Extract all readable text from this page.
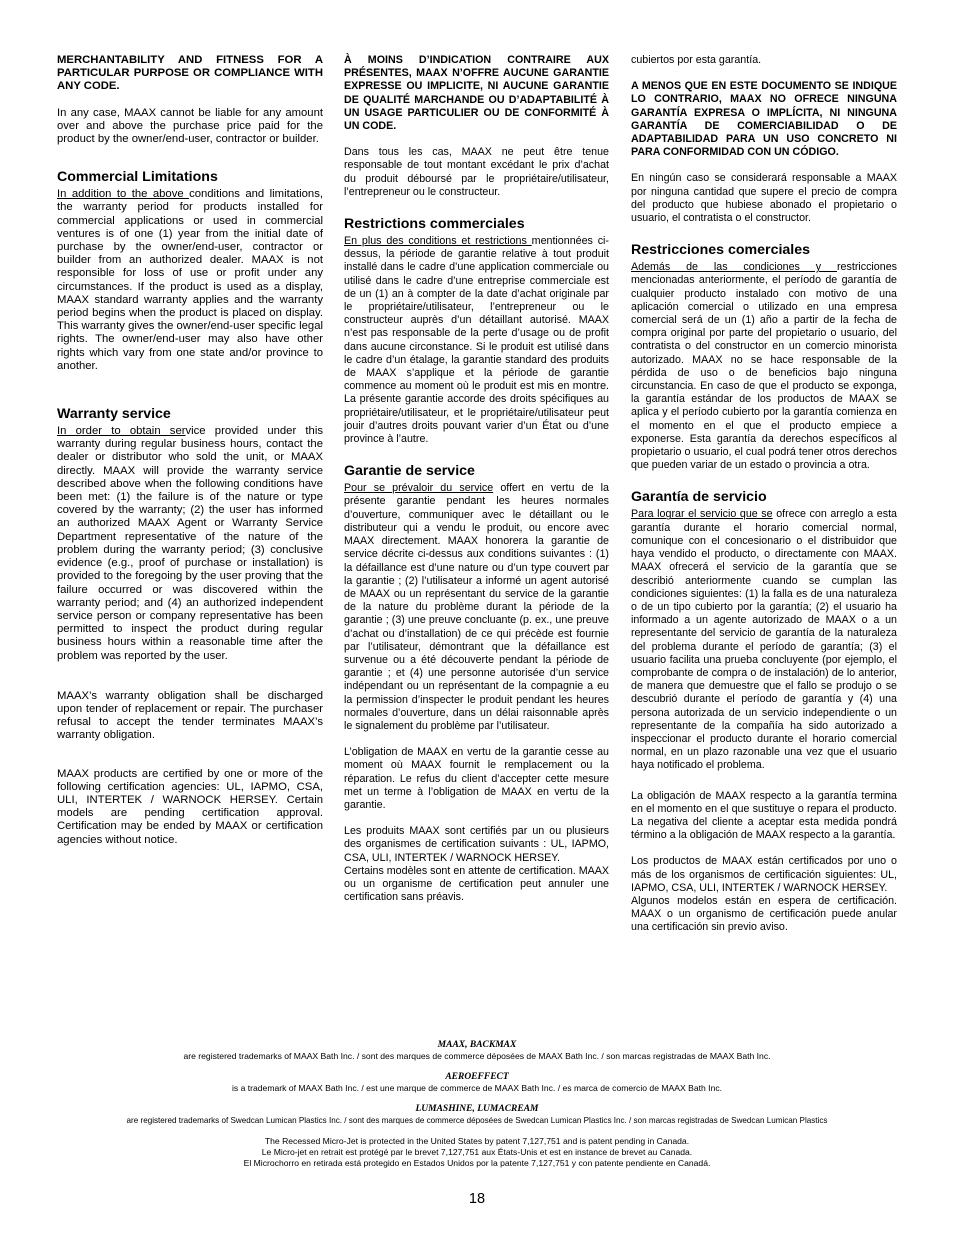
MERCHANTABILITY AND FITNESS FOR A PARTICULAR PURPOSE OR COMPLIANCE WITH ANY CODE.

In any case, MAAX cannot be liable for any amount over and above the purchase price paid for the product by the owner/end-user, contractor or builder.

Commercial Limitations

In addition to the above conditions and limitations, the warranty period for products installed for commercial applications or used in commercial ventures is of one (1) year from the initial date of purchase by the owner/end-user, contractor or builder from an authorized dealer. MAAX is not responsible for loss of use or profit under any circumstances. If the product is used as a display, MAAX standard warranty applies and the warranty period begins when the product is placed on display. This warranty gives the owner/end-user specific legal rights. The owner/end-user may also have other rights which vary from one state and/or province to another.

Warranty service

In order to obtain service provided under this warranty during regular business hours, contact the dealer or distributor who sold the unit, or MAAX directly. MAAX will provide the warranty service described above when the following conditions have been met: (1) the failure is of the nature or type covered by the warranty; (2) the user has informed an authorized MAAX Agent or Warranty Service Department representative of the nature of the problem during the warranty period; (3) conclusive evidence (e.g., proof of purchase or installation) is provided to the foregoing by the user proving that the failure occurred or was discovered within the warranty period; and (4) an authorized independent service person or company representative has been permitted to inspect the product during regular business hours within a reasonable time after the problem was reported by the user.

MAAX’s warranty obligation shall be discharged upon tender of replacement or repair. The purchaser refusal to accept the tender terminates MAAX’s warranty obligation.

MAAX products are certified by one or more of the following certification agencies: UL, IAPMO, CSA, ULI, INTERTEK / WARNOCK HERSEY. Certain models are pending certification approval. Certification may be ended by MAAX or certification agencies without notice.

À MOINS D’INDICATION CONTRAIRE AUX PRÉSENTES, MAAX N’OFFRE AUCUNE GARANTIE EXPRESSE OU IMPLICITE, NI AUCUNE GARANTIE DE QUALITÉ MARCHANDE OU D’ADAPTABILITÉ À UN USAGE PARTICULIER OU DE CONFORMITÉ À UN CODE.

Dans tous les cas, MAAX ne peut être tenue responsable de tout montant excédant le prix d’achat du produit déboursé par le propriétaire/utilisateur, l’entrepreneur ou le constructeur.

Restrictions commerciales

En plus des conditions et restrictions mentionnées ci-dessus, la période de garantie relative à tout produit installé dans le cadre d’une application commerciale ou utilisé dans le cadre d’une entreprise commerciale est de un (1) an à compter de la date d’achat originale par le propriétaire/utilisateur, l’entrepreneur ou le constructeur auprès d’un détaillant autorisé. MAAX n’est pas responsable de la perte d’usage ou de profit dans aucune circonstance. Si le produit est utilisé dans le cadre d’un étalage, la garantie standard des produits de MAAX s’applique et la période de garantie commence au moment où le produit est mis en montre. La présente garantie accorde des droits spécifiques au propriétaire/utilisateur, et le propriétaire/utilisateur peut jouir d’autres droits pouvant varier d’un État ou d’une province à l’autre.

Garantie de service

Pour se prévaloir du service offert en vertu de la présente garantie pendant les heures normales d’ouverture, communiquer avec le détaillant ou le distributeur qui a vendu le produit, ou encore avec MAAX directement. MAAX honorera la garantie de service décrite ci-dessus aux conditions suivantes : (1) la défaillance est d’une nature ou d’un type couvert par la garantie ; (2) l’utilisateur a informé un agent autorisé de MAAX ou un représentant du service de la garantie de la nature du problème durant la période de la garantie ; (3) une preuve concluante (p. ex., une preuve d’achat ou d’installation) de ce qui précède est fournie par l’utilisateur, démontrant que la défaillance est survenue ou a été découverte pendant la période de garantie ; et (4) une personne autorisée d’un service indépendant ou un représentant de la compagnie a eu la permission d’inspecter le produit pendant les heures normales d’ouverture, dans un délai raisonnable après le signalement du problème par l’utilisateur.

L’obligation de MAAX en vertu de la garantie cesse au moment où MAAX fournit le remplacement ou la réparation. Le refus du client d’accepter cette mesure met un terme à l’obligation de MAAX en vertu de la garantie.

Les produits MAAX sont certifiés par un ou plusieurs des organismes de certification suivants : UL, IAPMO, CSA, ULI, INTERTEK / WARNOCK HERSEY.

Certains modèles sont en attente de certification. MAAX ou un organisme de certification peut annuler une certification sans préavis.

cubiertos por esta garantía.

A MENOS QUE EN ESTE DOCUMENTO SE INDIQUE LO CONTRARIO, MAAX NO OFRECE NINGUNA GARANTÍA EXPRESA O IMPLÍCITA, NI NINGUNA GARANTÍA DE COMERCIABILIDAD O DE ADAPTABILIDAD PARA UN USO CONCRETO NI PARA CONFORMIDAD CON UN CÓDIGO.

En ningún caso se considerará responsable a MAAX por ninguna cantidad que supere el precio de compra del producto que hubiese abonado el propietario o usuario, el contratista o el constructor.

Restricciones comerciales

Además de las condiciones y restricciones mencionadas anteriormente, el período de garantía de cualquier producto instalado con motivo de una aplicación comercial o utilizado en una empresa comercial será de un (1) año a partir de la fecha de compra original por parte del propietario o usuario, del contratista o del constructor en un comercio minorista autorizado. MAAX no se hace responsable de la pérdida de uso o de beneficios bajo ninguna circunstancia. En caso de que el producto se exponga, la garantía estándar de los productos de MAAX se aplica y el período cubierto por la garantía comienza en el momento en el que el producto empiece a exponerse. Esta garantía da derechos específicos al propietario o usuario, el cual podrá tener otros derechos que pueden variar de un estado o provincia a otra.

Garantía de servicio

Para lograr el servicio que se ofrece con arreglo a esta garantía durante el horario comercial normal, comunique con el concesionario o el distribuidor que haya vendido el producto, o directamente con MAAX. MAAX ofrecerá el servicio de la garantía que se describió anteriormente cuando se cumplan las condiciones siguientes: (1) la falla es de una naturaleza o de un tipo cubierto por la garantía; (2) el usuario ha informado a un agente autorizado de MAAX o a un representante del servicio de garantía de la naturaleza del problema durante el período de garantía; (3) el usuario facilita una prueba concluyente (por ejemplo, el comprobante de compra o de instalación) de lo anterior, de manera que demuestre que el fallo se produjo o se descubrió durante el período de garantía y (4) una persona autorizada de un servicio independiente o un representante de la compañía ha sido autorizado a inspeccionar el producto durante el horario comercial normal, en un plazo razonable una vez que el usuario haya notificado el problema.

La obligación de MAAX respecto a la garantía termina en el momento en el que sustituye o repara el producto. La negativa del cliente a aceptar esta medida pondrá término a la obligación de MAAX respecto a la garantía.

Los productos de MAAX están certificados por uno o más de los organismos de certificación siguientes: UL, IAPMO, CSA, ULI, INTERTEK / WARNOCK HERSEY.

Algunos modelos están en espera de certificación. MAAX o un organismo de certificación puede anular una certificación sin previo aviso.

MAAX, BACKMAX
are registered trademarks of MAAX Bath Inc. / sont des marques de commerce déposées de MAAX Bath Inc. / son marcas registradas de MAAX Bath Inc.
AEROEFFECT
is a trademark of MAAX Bath Inc. / est une marque de commerce de MAAX Bath Inc. / es marca de comercio de MAAX Bath Inc.
LUMASHINE, LUMACREAM
are registered trademarks of Swedcan Lumican Plastics Inc. / sont des marques de commerce déposées de Swedcan Lumican Plastics Inc. / son marcas registradas de Swedcan Lumican Plastics
The Recessed Micro-Jet is protected in the United States by patent 7,127,751 and is patent pending in Canada.
Le Micro-jet en retrait est protégé par le brevet 7,127,751 aux États-Unis et est en instance de brevet au Canada.
El Microchorro en retirada está protegido en Estados Unidos por la patente 7,127,751 y con patente pendiente en Canadá.
18
